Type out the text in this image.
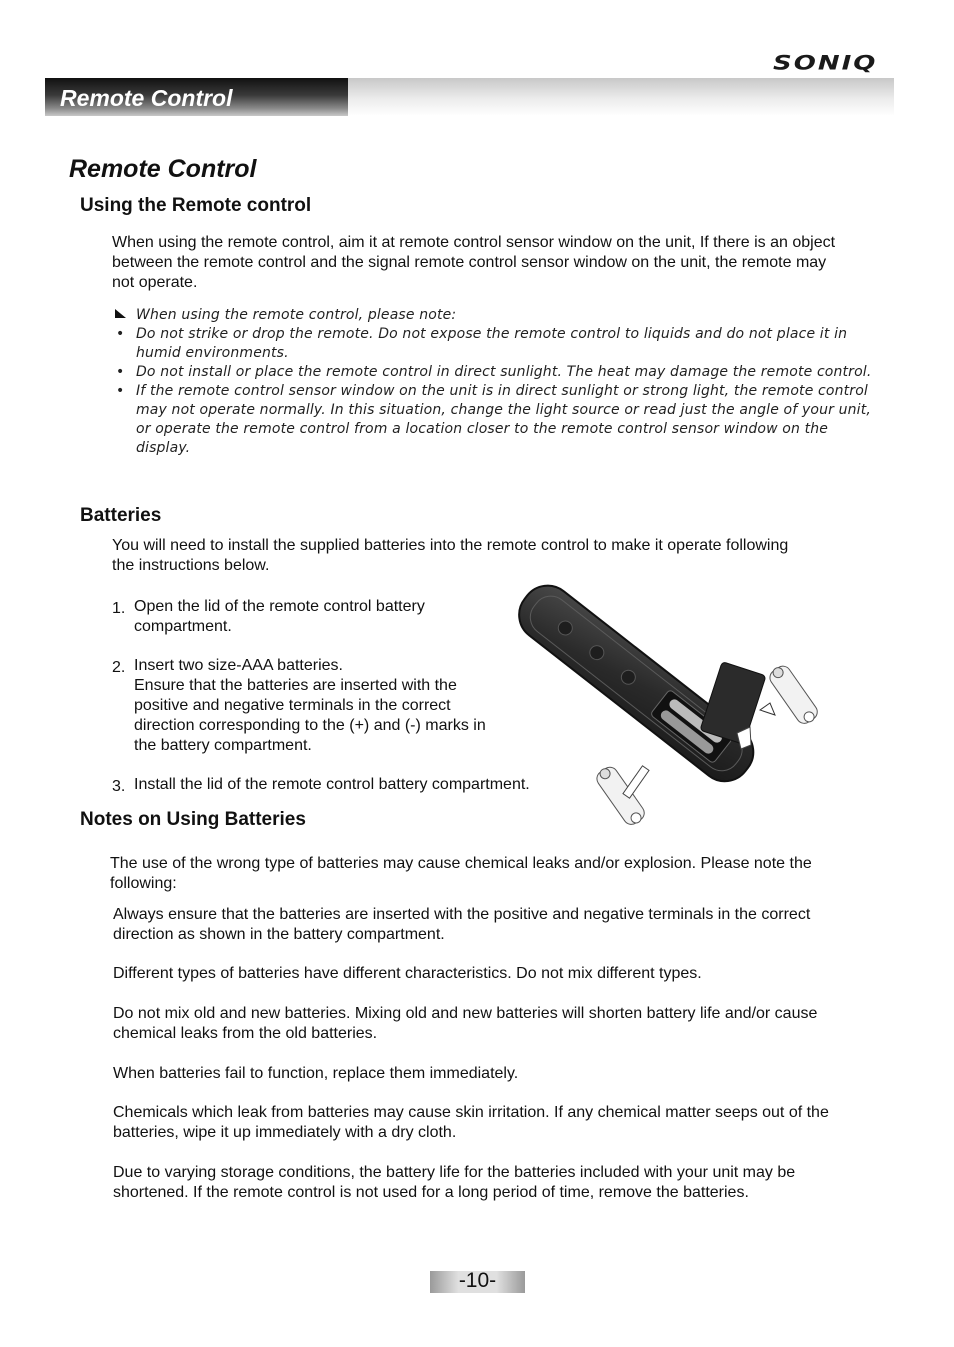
SONIQ
Remote Control
Remote Control
Using the Remote control

When using the remote control, aim it at remote control sensor window on the unit, If there is an object between the remote control and the signal remote control sensor window on the unit, the remote may not operate.

When using the remote control, please note:
• Do not strike or drop the remote. Do not expose the remote control to liquids and do not place it in humid environments.
• Do not install or place the remote control in direct sunlight. The heat may damage the remote control.
• If the remote control sensor window on the unit is in direct sunlight or strong light, the remote control may not operate normally. In this situation, change the light source or read just the angle of your unit, or operate the remote control from a location closer to the remote control sensor window on the display.
Batteries

You will need to install the supplied batteries into the remote control to make it operate following the instructions below.

1. Open the lid of the remote control battery compartment.
2. Insert two size-AAA batteries.
Ensure that the batteries are inserted with the positive and negative terminals in the correct direction corresponding to the (+) and (-) marks in the battery compartment.
3. Install the lid of the remote control battery compartment.
Notes on Using Batteries

The use of the wrong type of batteries may cause chemical leaks and/or explosion. Please note the following:

Always ensure that the batteries are inserted with the positive and negative terminals in the correct direction as shown in the battery compartment.

Different types of batteries have different characteristics. Do not mix different types.

Do not mix old and new batteries. Mixing old and new batteries will shorten battery life and/or cause chemical leaks from the old batteries.

When batteries fail to function, replace them immediately.

Chemicals which leak from batteries may cause skin irritation. If any chemical matter seeps out of the batteries, wipe it up immediately with a dry cloth.

Due to varying storage conditions, the battery life for the batteries included with your unit may be shortened. If the remote control is not used for a long period of time, remove the batteries.

-10-
